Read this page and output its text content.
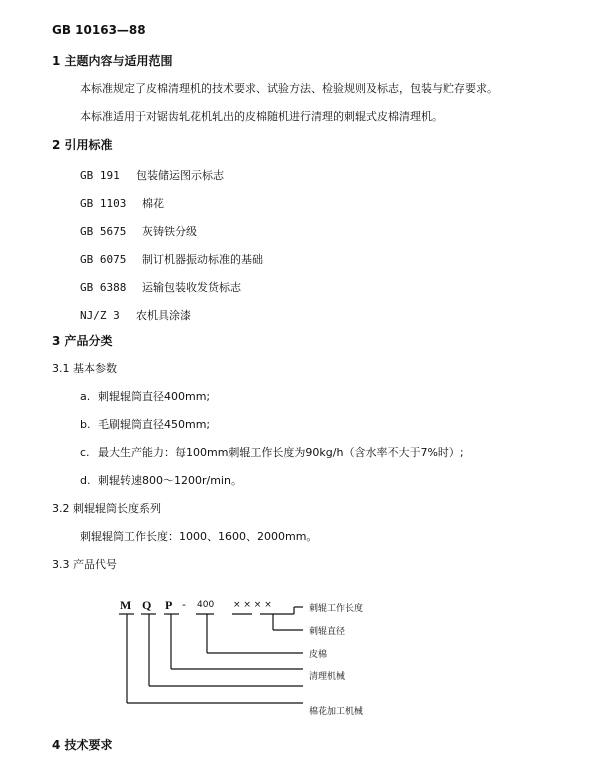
GB 10163—88
1 主题内容与适用范围
本标准规定了皮棉清理机的技术要求、试验方法、检验规则及标志，包装与贮存要求。
本标准适用于对锯齿轧花机轧出的皮棉随机进行清理的刺辊式皮棉清理机。
2 引用标准
GB 191 包装储运图示标志
GB 1103 棉花
GB 5675 灰铸铁分级
GB 6075 制订机器振动标准的基础
GB 6388 运输包装收发货标志
NJ/Z 3 农机具涂漆
3 产品分类
3.1 基本参数
a. 刺辊辊筒直径400mm;
b. 毛刷辊筒直径450mm;
c. 最大生产能力：每100mm刺辊工作长度为90kg/h（含水率不大于7%时）;
d. 刺辊转速800～1200r/min。
3.2 刺辊辊筒长度系列
刺辊辊筒工作长度：1000、1600、2000mm。
3.3 产品代号
M Q P - 400 × × × ×	刺辊工作长度
刺辊直径
皮棉
清理机械
棉花加工机械
4 技术要求
